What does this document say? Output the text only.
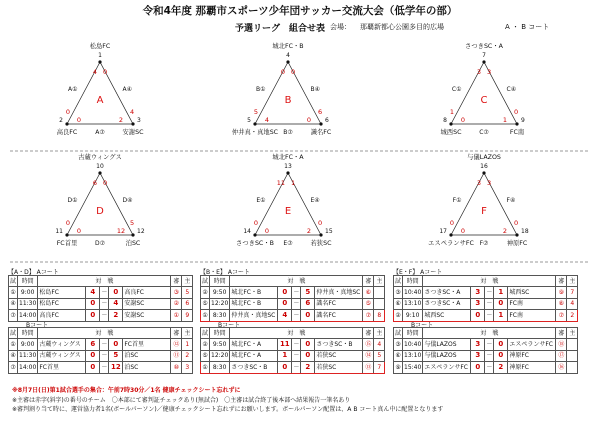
令和4年度 那覇市スポーツ少年団サッカー交流大会（低学年の部）
予選リーグ　組合せ表 会場： 那覇新都心公園多目的広場	A ・ B コート
A
松島FC
1
高良FC
2
安謝SC
3
A①
4
0
A④
0
4
A⑦
0	2
B
城北FC・B
4
仲井真・真地SC
5
識名FC
6
B①
0
5
B④
0
6
B⑦
4	0
C
さつきSC・A
7
城西SC
8
FC南
9
C①
3
1
C④
3
0
C⑦
0	1
D
古蔵ウィングス
10
FC首里
11
泊SC
12
D①
6
0
D④
0
5
D⑦
0	12
E
城北FC・A
13
さつきSC・B
14
若狭SC
15
E①
11
0
E④
1
0
E⑦
0	2
F
与儀LAZOS
16
エスペランサFC
17
神原FC
18
F①
3
0
F④
3
0
F⑦
0	2
【A・D】 Aコート
試	時間	対　戦					審	主
①	9:00	松島FC	4	－	0	高良FC	③	5
④	11:30	松島FC	0	－	4	安謝SC	②	6
⑦	14:00	高良FC	0	－	2	安謝SC	①	9
Bコート
試	時間	対　戦					審	主
①	9:00	古蔵ウィングス	6	－	0	FC首里	⑫	1
④	11:30	古蔵ウィングス	0	－	5	泊SC	⑪	2
⑦	14:00	FC首里	0	－	12	泊SC	⑩	3
【B・E】 Aコート
試	時間	対　戦					審	主
②	9:50	城北FC・B	0	－	5	仲井真・真地SC	⑥	
⑤	12:20	城北FC・B	0	－	6	識名FC	⑤	
①	8:30	仲井真・真地SC	4	－	0	識名FC	⑦	8
Bコート
試	時間	対　戦					審	主
②	9:50	城北FC・A	11	－	0	さつきSC・B	⑮	4
⑤	12:20	城北FC・A	1	－	0	若狭SC	⑭	5
①	8:30	さつきSC・B	0	－	2	若狭SC	⑬	7
【E・F】 Aコート
試	時間	対　戦					審	主
③	10:40	さつきSC・A	3	－	1	城西SC	⑨	7
⑥	13:10	さつきSC・A	3	－	0	FC南	⑧	4
②	9:10	城西SC	0	－	1	FC南	⑦	2
Bコート
試	時間	対　戦					審	主
③	10:40	与儀LAZOS	3	－	0	エスペランサFC	⑱	
⑥	13:10	与儀LAZOS	3	－	0	神原FC	⑰	
⑨	15:40	エスペランサFC	0	－	2	神原FC	⑯	
※8月7日(日)第1試合選手の集合：午前7時30分／1名 健康チェックシート忘れずに
※主審は赤字(斜字)の番号のチーム　〇本部にて審判証チェックあり(無試合)　〇主審は試合終了後本部へ結果報告一筆名あり
※審判割り当て時に、運営協力者1名(ボールパーソン)／健康チェックシート忘れずにお願いします。ボールパーソン配置は、A B コート真ん中に配置となります
